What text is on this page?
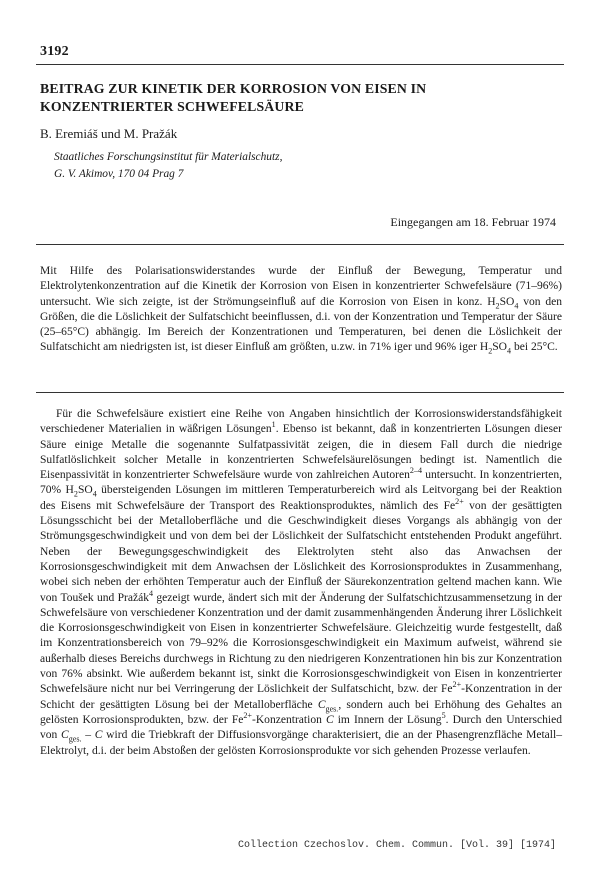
3192
BEITRAG ZUR KINETIK DER KORROSION VON EISEN IN KONZENTRIERTER SCHWEFELSÄURE
B. Eremiáš und M. Pražák
Staatliches Forschungsinstitut für Materialschutz,
G. V. Akimov, 170 04 Prag 7
Eingegangen am 18. Februar 1974
Mit Hilfe des Polarisationswiderstandes wurde der Einfluß der Bewegung, Temperatur und Elektrolytenkonzentration auf die Kinetik der Korrosion von Eisen in konzentrierter Schwefelsäure (71–96%) untersucht. Wie sich zeigte, ist der Strömungseinfluß auf die Korrosion von Eisen in konz. $H_2SO_4$ von den Größen, die die Löslichkeit der Sulfatschicht beeinflussen, d.i. von der Konzentration und Temperatur der Säure (25–65°C) abhängig. Im Bereich der Konzentrationen und Temperaturen, bei denen die Löslichkeit der Sulfatschicht am niedrigsten ist, ist dieser Einfluß am größten, u.zw. in 71% iger und 96% iger $H_2SO_4$ bei 25°C.
Für die Schwefelsäure existiert eine Reihe von Angaben hinsichtlich der Korrosionswiderstandsfähigkeit verschiedener Materialien in wäßrigen Lösungen$^1$. Ebenso ist bekannt, daß in konzentrierten Lösungen dieser Säure einige Metalle die sogenannte Sulfatpassivität zeigen, die in diesem Fall durch die niedrige Sulfatlöslichkeit solcher Metalle in konzentrierten Schwefelsäurelösungen bedingt ist. Namentlich die Eisenpassivität in konzentrierter Schwefelsäure wurde von zahlreichen Autoren$^{2-4}$ untersucht. In konzentrierten, 70% $H_2SO_4$ übersteigenden Lösungen im mittleren Temperaturbereich wird als Leitvorgang bei der Reaktion des Eisens mit Schwefelsäure der Transport des Reaktionsproduktes, nämlich des $Fe^{2+}$ von der gesättigten Lösungsschicht bei der Metalloberfläche und die Geschwindigkeit dieses Vorgangs als abhängig von der Strömungsgeschwindigkeit und von dem bei der Löslichkeit der Sulfatschicht entstehenden Produkt angeführt. Neben der Bewegungsgeschwindigkeit des Elektrolyten steht also das Anwachsen der Korrosionsgeschwindigkeit mit dem Anwachsen der Löslichkeit des Korrosionsproduktes in Zusammenhang, wobei sich neben der erhöhten Temperatur auch der Einfluß der Säurekonzentration geltend machen kann. Wie von Toušek und Pražák$^4$ gezeigt wurde, ändert sich mit der Änderung der Sulfatschichtzusammensetzung in der Schwefelsäure von verschiedener Konzentration und der damit zusammenhängenden Änderung ihrer Löslichkeit die Korrosionsgeschwindigkeit von Eisen in konzentrierter Schwefelsäure. Gleichzeitig wurde festgestellt, daß im Konzentrationsbereich von 79–92% die Korrosionsgeschwindigkeit ein Maximum aufweist, während sie außerhalb dieses Bereichs durchwegs in Richtung zu den niedrigeren Konzentrationen hin bis zur Konzentration von 76% absinkt. Wie außerdem bekannt ist, sinkt die Korrosionsgeschwindigkeit von Eisen in konzentrierter Schwefelsäure nicht nur bei Verringerung der Löslichkeit der Sulfatschicht, bzw. der $Fe^{2+}$-Konzentration in der Schicht der gesättigten Lösung bei der Metalloberfläche $C_{ges.}$, sondern auch bei Erhöhung des Gehaltes an gelösten Korrosionsprodukten, bzw. der $Fe^{2+}$-Konzentration C im Innern der Lösung$^5$. Durch den Unterschied von $C_{ges.}$ – C wird die Triebkraft der Diffusionsvorgänge charakterisiert, die an der Phasengrenzfläche Metall–Elektrolyt, d.i. der beim Abstoßen der gelösten Korrosionsprodukte vor sich gehenden Prozesse verlaufen.
Collection Czechoslov. Chem. Commun. [Vol. 39] [1974]
